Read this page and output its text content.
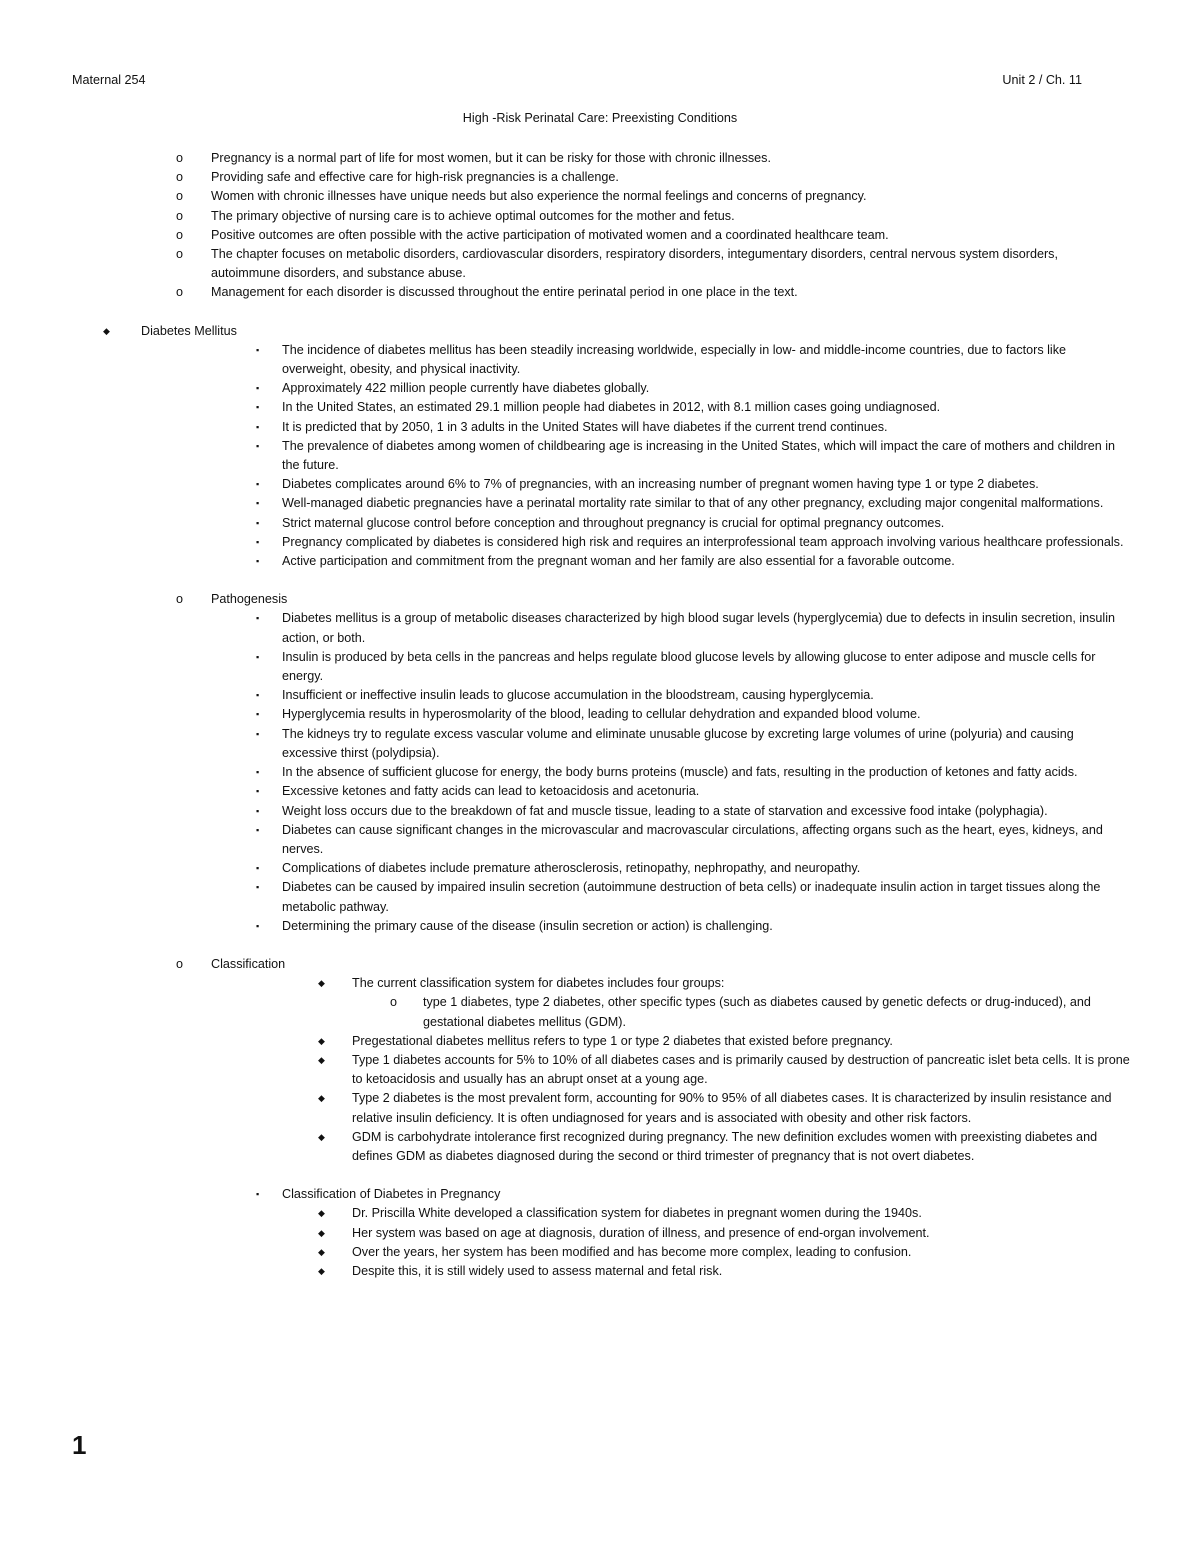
Maternal 254	Unit 2 / Ch. 11
High -Risk Perinatal Care: Preexisting Conditions
o Pregnancy is a normal part of life for most women, but it can be risky for those with chronic illnesses.
o Providing safe and effective care for high-risk pregnancies is a challenge.
o Women with chronic illnesses have unique needs but also experience the normal feelings and concerns of pregnancy.
o The primary objective of nursing care is to achieve optimal outcomes for the mother and fetus.
o Positive outcomes are often possible with the active participation of motivated women and a coordinated healthcare team.
o The chapter focuses on metabolic disorders, cardiovascular disorders, respiratory disorders, integumentary disorders, central nervous system disorders, autoimmune disorders, and substance abuse.
o Management for each disorder is discussed throughout the entire perinatal period in one place in the text.
◆ Diabetes Mellitus
▪ The incidence of diabetes mellitus has been steadily increasing worldwide, especially in low- and middle-income countries, due to factors like overweight, obesity, and physical inactivity.
▪ Approximately 422 million people currently have diabetes globally.
▪ In the United States, an estimated 29.1 million people had diabetes in 2012, with 8.1 million cases going undiagnosed.
▪ It is predicted that by 2050, 1 in 3 adults in the United States will have diabetes if the current trend continues.
▪ The prevalence of diabetes among women of childbearing age is increasing in the United States, which will impact the care of mothers and children in the future.
▪ Diabetes complicates around 6% to 7% of pregnancies, with an increasing number of pregnant women having type 1 or type 2 diabetes.
▪ Well-managed diabetic pregnancies have a perinatal mortality rate similar to that of any other pregnancy, excluding major congenital malformations.
▪ Strict maternal glucose control before conception and throughout pregnancy is crucial for optimal pregnancy outcomes.
▪ Pregnancy complicated by diabetes is considered high risk and requires an interprofessional team approach involving various healthcare professionals.
▪ Active participation and commitment from the pregnant woman and her family are also essential for a favorable outcome.
o Pathogenesis
▪ Diabetes mellitus is a group of metabolic diseases characterized by high blood sugar levels (hyperglycemia) due to defects in insulin secretion, insulin action, or both.
▪ Insulin is produced by beta cells in the pancreas and helps regulate blood glucose levels by allowing glucose to enter adipose and muscle cells for energy.
▪ Insufficient or ineffective insulin leads to glucose accumulation in the bloodstream, causing hyperglycemia.
▪ Hyperglycemia results in hyperosmolarity of the blood, leading to cellular dehydration and expanded blood volume.
▪ The kidneys try to regulate excess vascular volume and eliminate unusable glucose by excreting large volumes of urine (polyuria) and causing excessive thirst (polydipsia).
▪ In the absence of sufficient glucose for energy, the body burns proteins (muscle) and fats, resulting in the production of ketones and fatty acids.
▪ Excessive ketones and fatty acids can lead to ketoacidosis and acetonuria.
▪ Weight loss occurs due to the breakdown of fat and muscle tissue, leading to a state of starvation and excessive food intake (polyphagia).
▪ Diabetes can cause significant changes in the microvascular and macrovascular circulations, affecting organs such as the heart, eyes, kidneys, and nerves.
▪ Complications of diabetes include premature atherosclerosis, retinopathy, nephropathy, and neuropathy.
▪ Diabetes can be caused by impaired insulin secretion (autoimmune destruction of beta cells) or inadequate insulin action in target tissues along the metabolic pathway.
▪ Determining the primary cause of the disease (insulin secretion or action) is challenging.
o Classification
◆ The current classification system for diabetes includes four groups:
o type 1 diabetes, type 2 diabetes, other specific types (such as diabetes caused by genetic defects or drug-induced), and gestational diabetes mellitus (GDM).
◆ Pregestational diabetes mellitus refers to type 1 or type 2 diabetes that existed before pregnancy.
◆ Type 1 diabetes accounts for 5% to 10% of all diabetes cases and is primarily caused by destruction of pancreatic islet beta cells. It is prone to ketoacidosis and usually has an abrupt onset at a young age.
◆ Type 2 diabetes is the most prevalent form, accounting for 90% to 95% of all diabetes cases. It is characterized by insulin resistance and relative insulin deficiency. It is often undiagnosed for years and is associated with obesity and other risk factors.
◆ GDM is carbohydrate intolerance first recognized during pregnancy. The new definition excludes women with preexisting diabetes and defines GDM as diabetes diagnosed during the second or third trimester of pregnancy that is not overt diabetes.
▪ Classification of Diabetes in Pregnancy
◆ Dr. Priscilla White developed a classification system for diabetes in pregnant women during the 1940s.
◆ Her system was based on age at diagnosis, duration of illness, and presence of end-organ involvement.
◆ Over the years, her system has been modified and has become more complex, leading to confusion.
◆ Despite this, it is still widely used to assess maternal and fetal risk.
1
